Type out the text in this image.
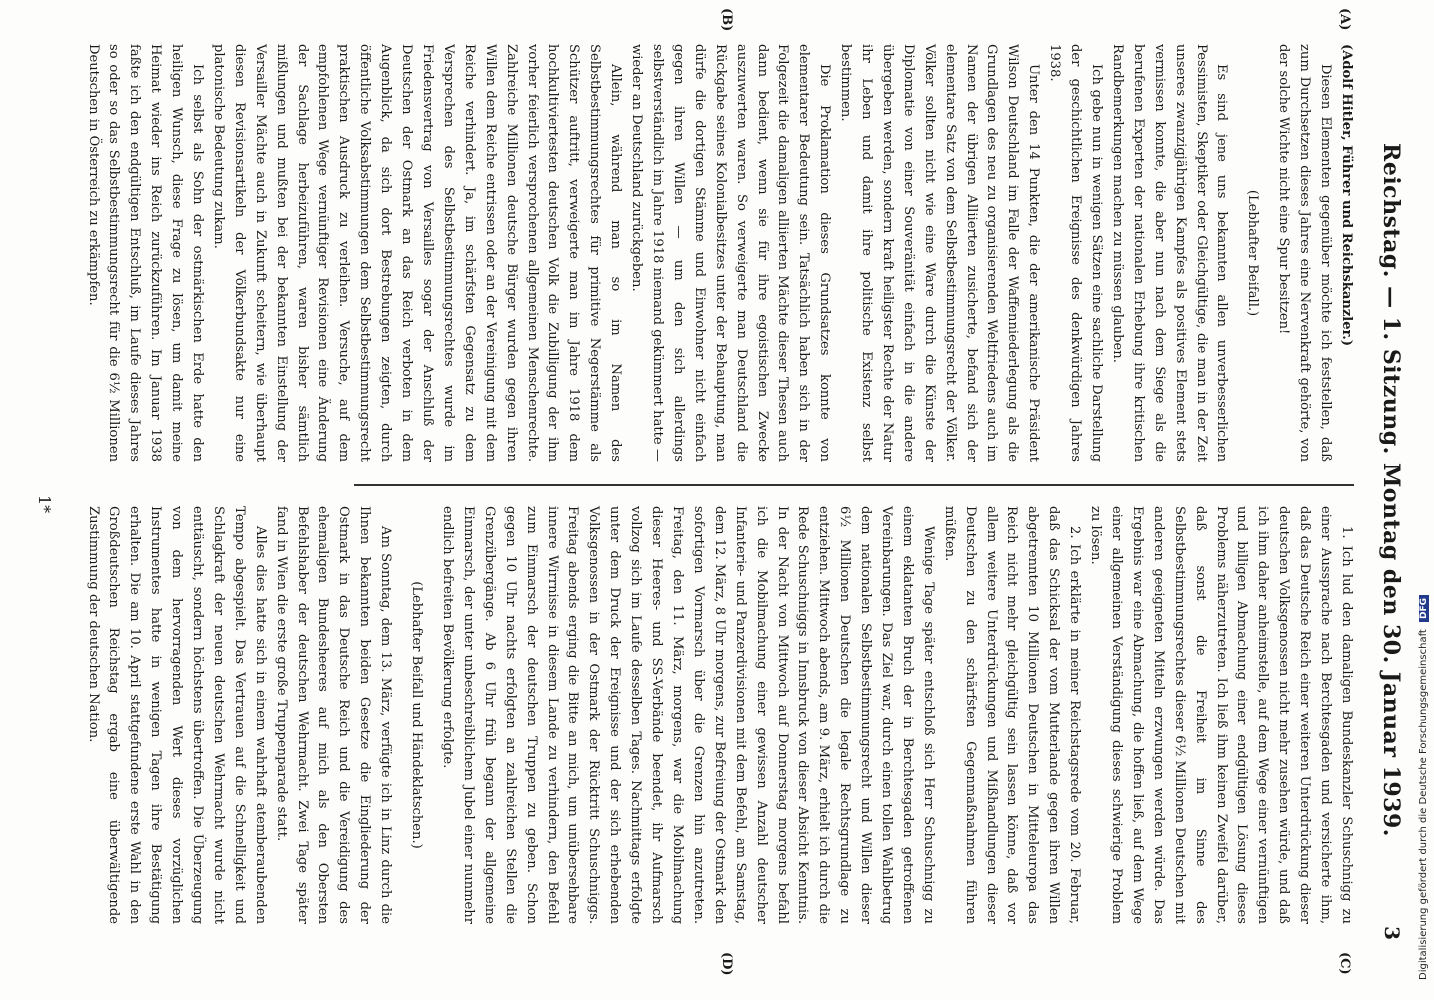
Reichstag. — 1. Sitzung. Montag den 30. Januar 1939.
3
(A)
(B)
(C)
(D)

(Adolf Hitler, Führer und Reichskanzler.)

Diesen Elementen gegenüber möchte ich feststellen, daß zum Durchsetzen dieses Jahres eine Nervenkraft gehörte, von der solche Wichte nicht eine Spur besitzen!

(Lebhafter Beifall.)

Es sind jene uns bekannten allen unverbesserlichen Pessimisten, Skeptiker oder Gleichgültige, die man in der Zeit unseres zwanzigjährigen Kampfes als positives Element stets vermissen konnte, die aber nun nach dem Siege als die berufenen Experten der nationalen Erhebung ihre kritischen Randbemerkungen machen zu müssen glauben.

Ich gebe nun in wenigen Sätzen eine sachliche Darstellung der geschichtlichen Ereignisse des denkwürdigen Jahres 1938.

Unter den 14 Punkten, die der amerikanische Präsident Wilson Deutschland im Falle der Waffenniederlegung als die Grundlagen des neu zu organisierenden Weltfriedens auch im Namen der übrigen Alliierten zusicherte, befand sich der elementare Satz von dem Selbstbestimmungsrecht der Völker. Völker sollten nicht wie eine Ware durch die Künste der Diplomatie von einer Souveränität einfach in die andere übergeben werden, sondern kraft heiligster Rechte der Natur ihr Leben und damit ihre politische Existenz selbst bestimmen.

Die Proklamation dieses Grundsatzes konnte von elementarer Bedeutung sein. Tatsächlich haben sich in der Folgezeit die damaligen alliierten Mächte dieser Thesen auch dann bedient, wenn sie für ihre egoistischen Zwecke auszuwerten waren. So verweigerte man Deutschland die Rückgabe seines Kolonialbesitzes unter der Behauptung, man dürfe die dortigen Stämme und Einwohner nicht einfach gegen ihren Willen — um den sich allerdings selbstverständlich im Jahre 1918 niemand gekümmert hatte — wieder an Deutschland zurückgeben.

Allein, während man so im Namen des Selbstbestimmungsrechtes für primitive Negerstämme als Schützer auftritt, verweigerte man im Jahre 1918 dem hochkultiviertesten deutschen Volk die Zubilligung der ihm vorher feierlich versprochenen allgemeinen Menschenrechte. Zahlreiche Millionen deutsche Bürger wurden gegen ihren Willen dem Reiche entrissen oder an der Vereinigung mit dem Reiche verhindert. Ja, im schärfsten Gegensatz zu dem Versprechen des Selbstbestimmungsrechtes wurde im Friedensvertrag von Versailles sogar der Anschluß der Deutschen der Ostmark an das Reich verboten in dem Augenblick, da sich dort Bestrebungen zeigten, durch öffentliche Volksabstimmungen dem Selbstbestimmungsrecht praktischen Ausdruck zu verleihen. Versuche, auf dem empfohlenen Wege vernünftiger Revisionen eine Änderung der Sachlage herbeizuführen, waren bisher sämtlich mißlungen und mußten bei der bekannten Einstellung der Versailler Mächte auch in Zukunft scheitern, wie überhaupt diesen Revisionsartikeln der Völkerbundsakte nur eine platonische Bedeutung zukam.

Ich selbst als Sohn der ostmärkischen Erde hatte den heiligen Wunsch, diese Frage zu lösen, um damit meine Heimat wieder ins Reich zurückzuführen. Im Januar 1938 faßte ich den endgültigen Entschluß, im Laufe dieses Jahres so oder so das Selbstbestimmungsrecht für die 6½ Millionen Deutschen in Österreich zu erkämpfen.

1. Ich lud den damaligen Bundeskanzler Schuschnigg zu einer Aussprache nach Berchtesgaden und versicherte ihm, daß das Deutsche Reich einer weiteren Unterdrückung dieser deutschen Volksgenossen nicht mehr zusehen würde, und daß ich ihm daher anheimstelle, auf dem Wege einer vernünftigen und billigen Abmachung einer endgültigen Lösung dieses Problems näherzutreten. Ich ließ ihm keinen Zweifel darüber, daß sonst die Freiheit im Sinne des Selbstbestimmungsrechtes dieser 6½ Millionen Deutschen mit anderen geeigneten Mitteln erzwungen werden würde. Das Ergebnis war eine Abmachung, die hoffen ließ, auf dem Wege einer allgemeinen Verständigung dieses schwierige Problem zu lösen.

2. Ich erklärte in meiner Reichstagsrede vom 20. Februar, daß das Schicksal der vom Mutterlande gegen ihren Willen abgetrennten 10 Millionen Deutschen in Mitteleuropa das Reich nicht mehr gleichgültig sein lassen könne, daß vor allem weitere Unterdrückungen und Mißhandlungen dieser Deutschen zu den schärfsten Gegenmaßnahmen führen müßten.

Wenige Tage später entschloß sich Herr Schuschnigg zu einem eklatanten Bruch der in Berchtesgaden getroffenen Vereinbarungen. Das Ziel war, durch einen tollen Wahlbetrug dem nationalen Selbstbestimmungsrecht und Willen dieser 6½ Millionen Deutschen die legale Rechtsgrundlage zu entziehen. Mittwoch abends, am 9. März, erhielt ich durch die Rede Schuschniggs in Innsbruck von dieser Absicht Kenntnis. In der Nacht von Mittwoch auf Donnerstag morgens befahl ich die Mobilmachung einer gewissen Anzahl deutscher Infanterie- und Panzerdivisionen mit dem Befehl, am Samstag, dem 12. März, 8 Uhr morgens, zur Befreiung der Ostmark den sofortigen Vormarsch über die Grenzen hin anzutreten. Freitag, den 11. März, morgens, war die Mobilmachung dieser Heeres- und SS-Verbände beendet, ihr Aufmarsch vollzog sich im Laufe desselben Tages. Nachmittags erfolgte unter dem Druck der Ereignisse und der sich erhebenden Volksgenossen in der Ostmark der Rücktritt Schuschniggs. Freitag abends erging die Bitte an mich, um unübersehbare innere Wirrnisse in diesem Lande zu verhindern, den Befehl zum Einmarsch der deutschen Truppen zu geben. Schon gegen 10 Uhr nachts erfolgten an zahlreichen Stellen die Grenzübergänge. Ab 6 Uhr früh begann der allgemeine Einmarsch, der unter unbeschreiblichem Jubel einer nunmehr endlich befreiten Bevölkerung erfolgte.

(Lebhafter Beifall und Händeklatschen.)

Am Sonntag, dem 13. März, verfügte ich in Linz durch die Ihnen bekannten beiden Gesetze die Eingliederung der Ostmark in das Deutsche Reich und die Vereidigung des ehemaligen Bundesheeres auf mich als den Obersten Befehlshaber der deutschen Wehrmacht. Zwei Tage später fand in Wien die erste große Truppenparade statt.

Alles dies hatte sich in einem wahrhaft atemberaubenden Tempo abgespielt. Das Vertrauen auf die Schnelligkeit und Schlagkraft der neuen deutschen Wehrmacht wurde nicht enttäuscht, sondern höchstens übertroffen. Die Überzeugung von dem hervorragenden Wert dieses vorzüglichen Instrumentes hatte in wenigen Tagen ihre Bestätigung erhalten. Die am 10. April stattgefundene erste Wahl in den Großdeutschen Reichstag ergab eine überwältigende Zustimmung der deutschen Nation.

1*
Digitalisierung gefördert durch die Deutsche Forschungsgemeinschaft DFG
